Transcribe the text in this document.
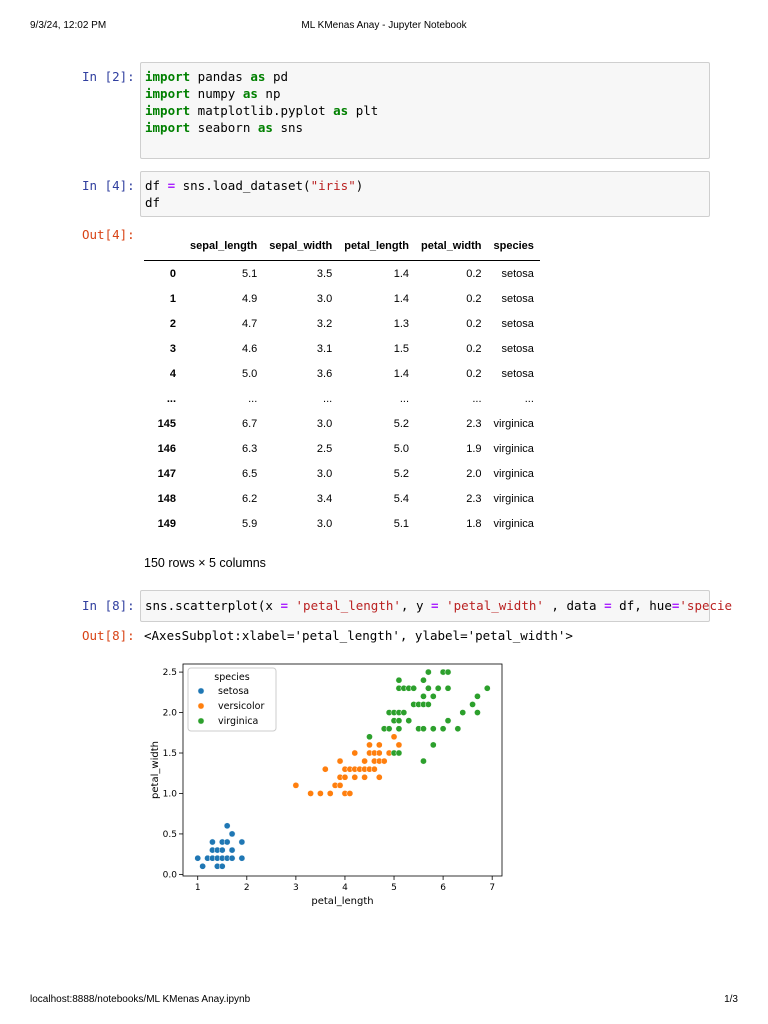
9/3/24, 12:02 PM	ML KMenas Anay - Jupyter Notebook
In [2]: import pandas as pd
import numpy as np
import matplotlib.pyplot as plt
import seaborn as sns
In [4]: df = sns.load_dataset("iris")
df
Out[4]:
	sepal_length	sepal_width	petal_length	petal_width	species
0	5.1	3.5	1.4	0.2	setosa
1	4.9	3.0	1.4	0.2	setosa
2	4.7	3.2	1.3	0.2	setosa
3	4.6	3.1	1.5	0.2	setosa
4	5.0	3.6	1.4	0.2	setosa
...	...	...	...	...	...
145	6.7	3.0	5.2	2.3	virginica
146	6.3	2.5	5.0	1.9	virginica
147	6.5	3.0	5.2	2.0	virginica
148	6.2	3.4	5.4	2.3	virginica
149	5.9	3.0	5.1	1.8	virginica
150 rows × 5 columns
In [8]: sns.scatterplot(x = 'petal_length', y = 'petal_width' , data = df, hue='specie
Out[8]: <AxesSubplot:xlabel='petal_length', ylabel='petal_width'>
1	2	3	4	5	6	7
0.0
0.5
1.0
1.5
2.0
2.5
petal_length
petal_width
species
setosa
versicolor
virginica
localhost:8888/notebooks/ML KMenas Anay.ipynb	1/3
